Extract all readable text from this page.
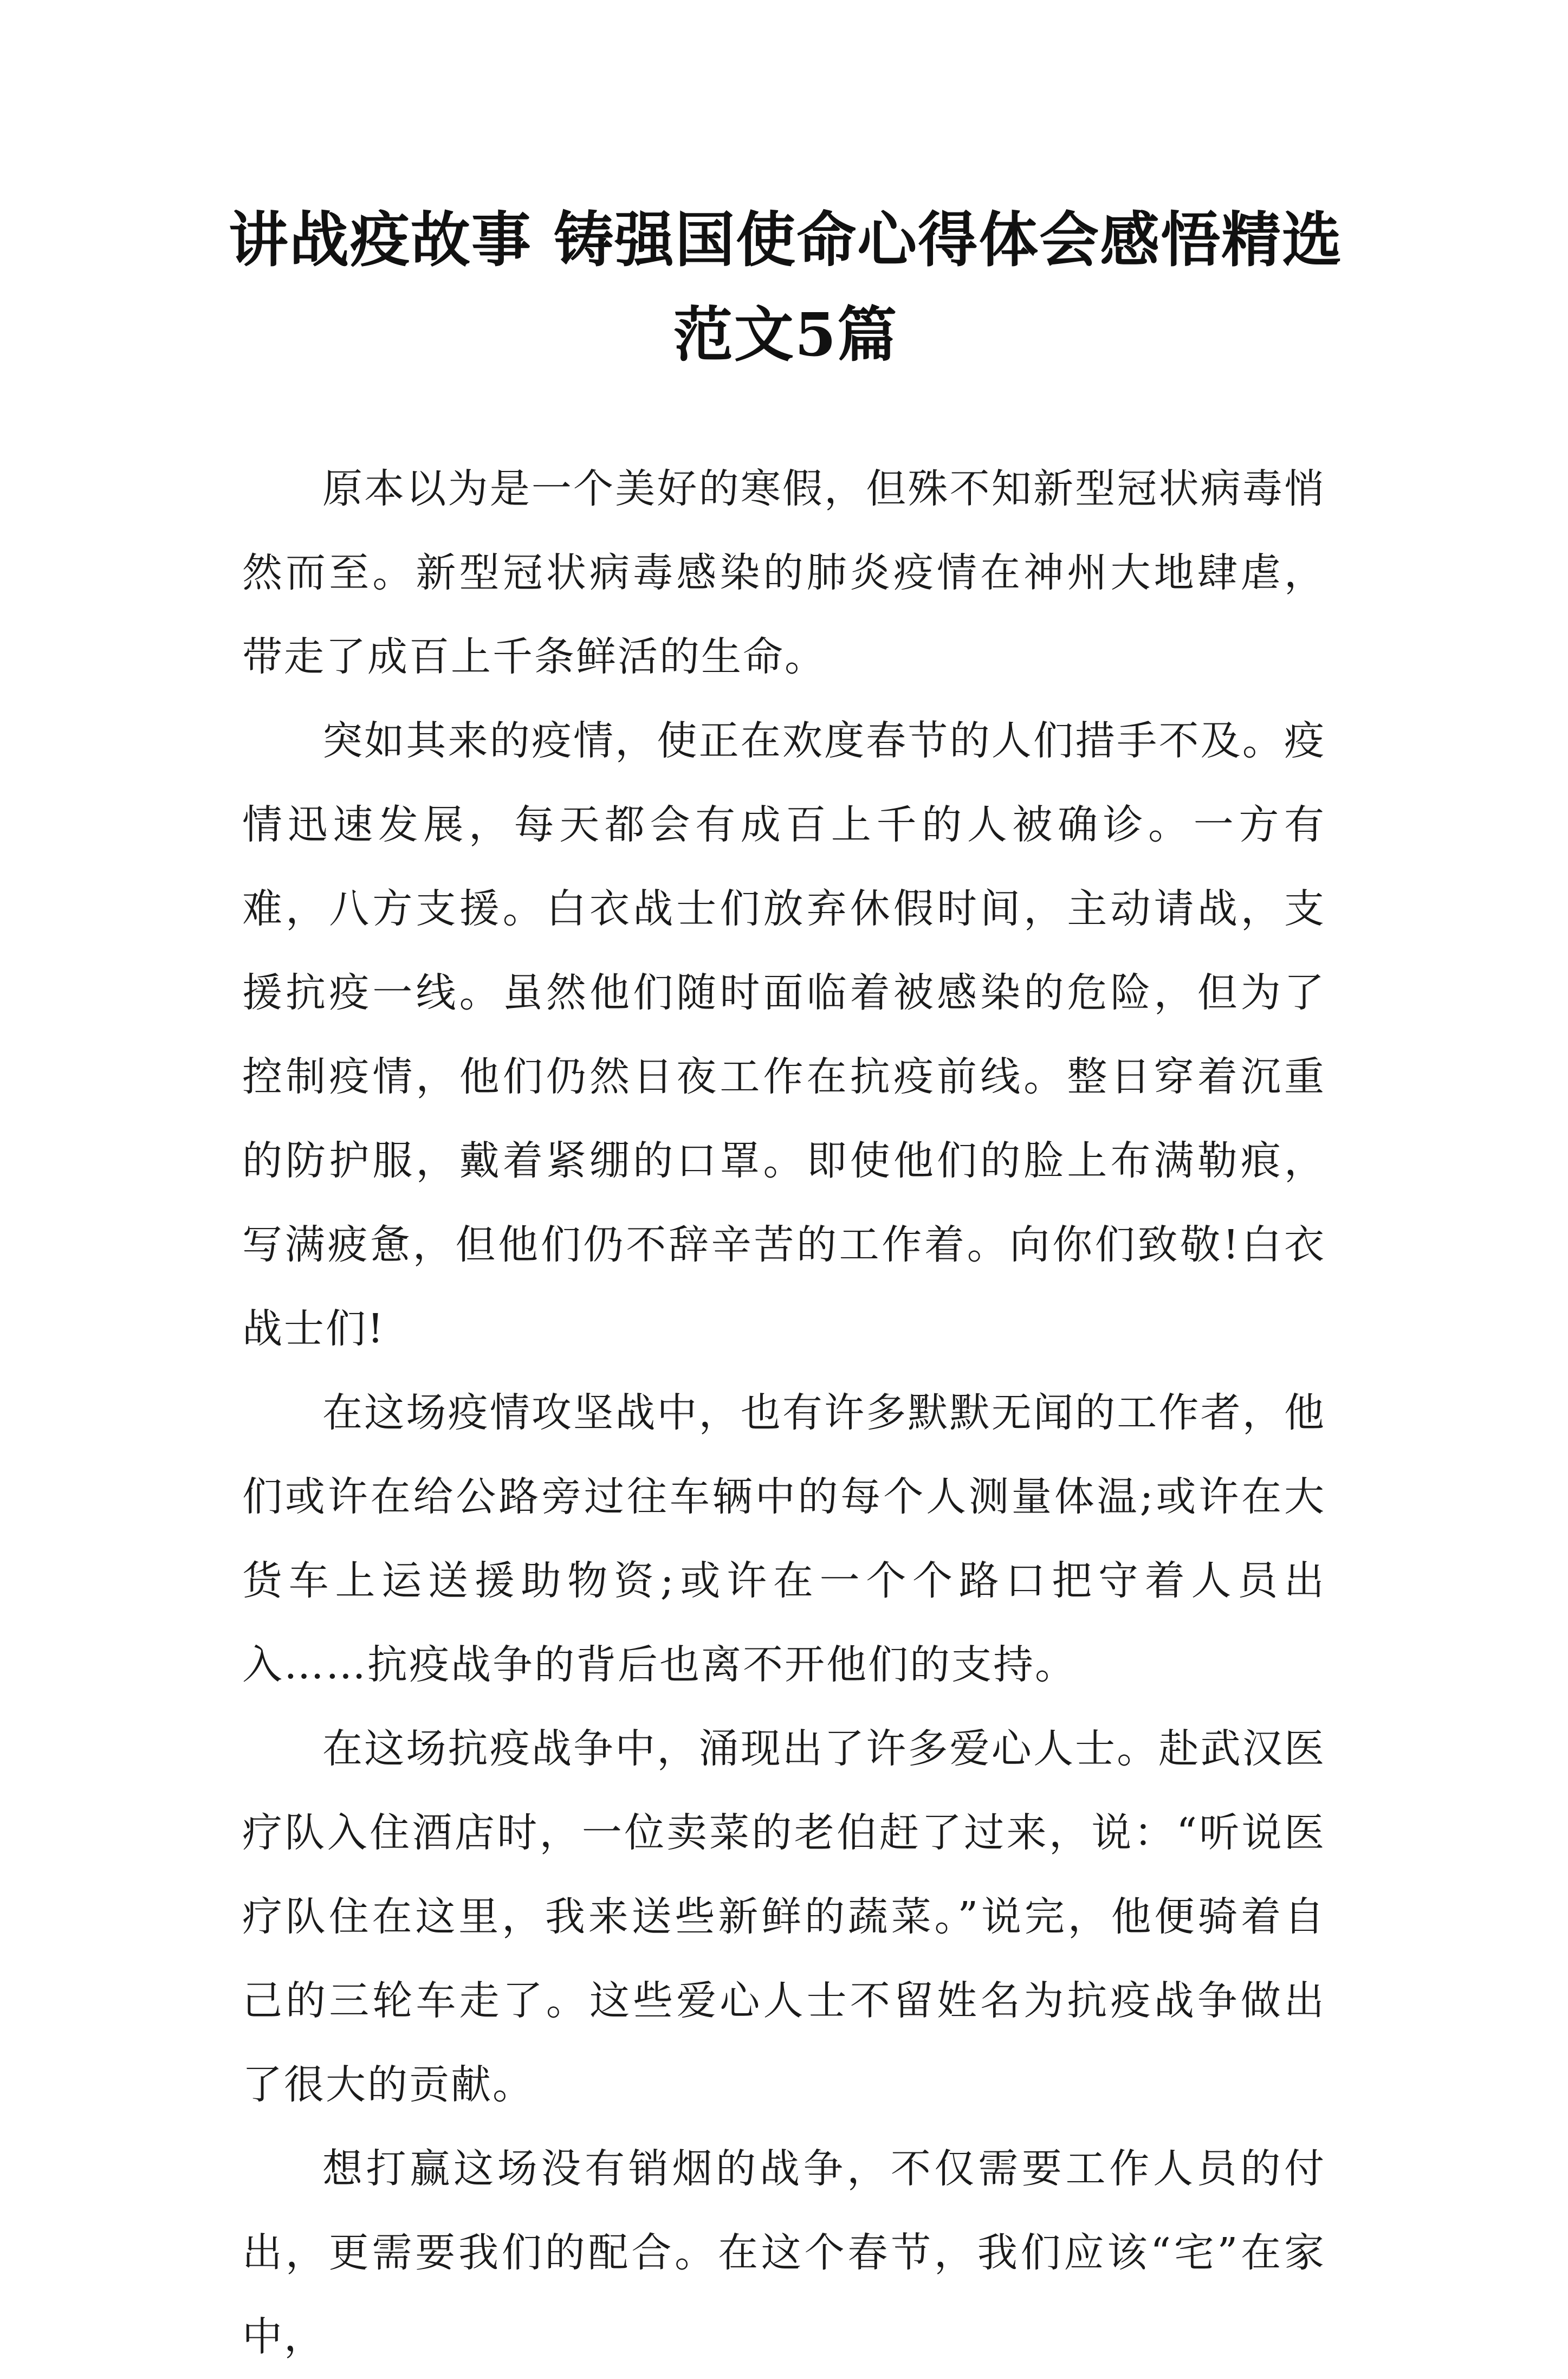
讲战疫故事 铸强国使命心得体会感悟精选范文5篇

原本以为是一个美好的寒假，但殊不知新型冠状病毒悄然而至。新型冠状病毒感染的肺炎疫情在神州大地肆虐，带走了成百上千条鲜活的生命。

突如其来的疫情，使正在欢度春节的人们措手不及。疫情迅速发展，每天都会有成百上千的人被确诊。一方有难，八方支援。白衣战士们放弃休假时间，主动请战，支援抗疫一线。虽然他们随时面临着被感染的危险，但为了控制疫情，他们仍然日夜工作在抗疫前线。整日穿着沉重的防护服，戴着紧绷的口罩。即使他们的脸上布满勒痕，写满疲惫，但他们仍不辞辛苦的工作着。向你们致敬!白衣战士们!

在这场疫情攻坚战中，也有许多默默无闻的工作者，他们或许在给公路旁过往车辆中的每个人测量体温;或许在大货车上运送援助物资;或许在一个个路口把守着人员出入……抗疫战争的背后也离不开他们的支持。

在这场抗疫战争中，涌现出了许多爱心人士。赴武汉医疗队入住酒店时，一位卖菜的老伯赶了过来，说：“听说医疗队住在这里，我来送些新鲜的蔬菜。”说完，他便骑着自己的三轮车走了。这些爱心人士不留姓名为抗疫战争做出了很大的贡献。

想打赢这场没有销烟的战争，不仅需要工作人员的付出，更需要我们的配合。在这个春节，我们应该“宅”在家中，
